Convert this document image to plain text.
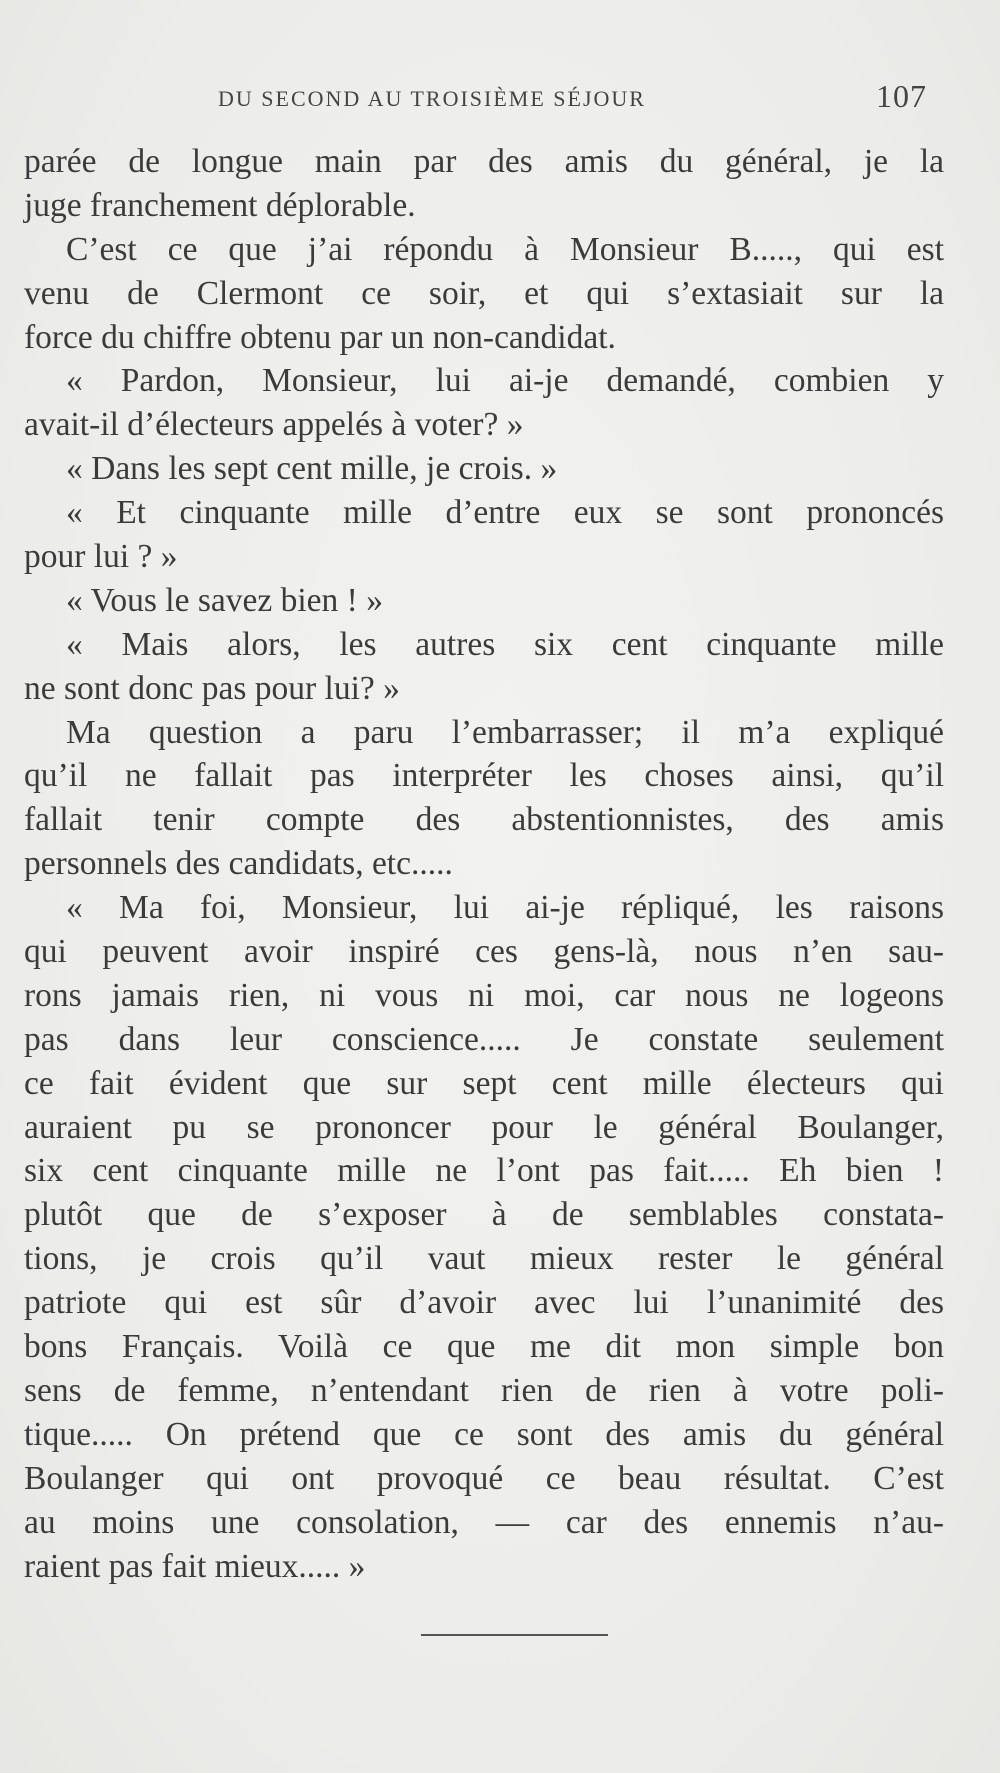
DU SECOND AU TROISIÈME SÉJOUR	107
parée de longue main par des amis du général, je la
juge franchement déplorable.
C’est ce que j’ai répondu à Monsieur B....., qui est
venu de Clermont ce soir, et qui s’extasiait sur la
force du chiffre obtenu par un non-candidat.
« Pardon, Monsieur, lui ai-je demandé, combien y
avait-il d’électeurs appelés à voter? »
« Dans les sept cent mille, je crois. »
« Et cinquante mille d’entre eux se sont prononcés
pour lui ? »
« Vous le savez bien ! »
« Mais alors, les autres six cent cinquante mille
ne sont donc pas pour lui? »
Ma question a paru l’embarrasser; il m’a expliqué
qu’il ne fallait pas interpréter les choses ainsi, qu’il
fallait tenir compte des abstentionnistes, des amis
personnels des candidats, etc.....
« Ma foi, Monsieur, lui ai-je répliqué, les raisons
qui peuvent avoir inspiré ces gens-là, nous n’en sau-
rons jamais rien, ni vous ni moi, car nous ne logeons
pas dans leur conscience..... Je constate seulement
ce fait évident que sur sept cent mille électeurs qui
auraient pu se prononcer pour le général Boulanger,
six cent cinquante mille ne l’ont pas fait..... Eh bien !
plutôt que de s’exposer à de semblables constata-
tions, je crois qu’il vaut mieux rester le général
patriote qui est sûr d’avoir avec lui l’unanimité des
bons Français. Voilà ce que me dit mon simple bon
sens de femme, n’entendant rien de rien à votre poli-
tique..... On prétend que ce sont des amis du général
Boulanger qui ont provoqué ce beau résultat. C’est
au moins une consolation, — car des ennemis n’au-
raient pas fait mieux..... »
